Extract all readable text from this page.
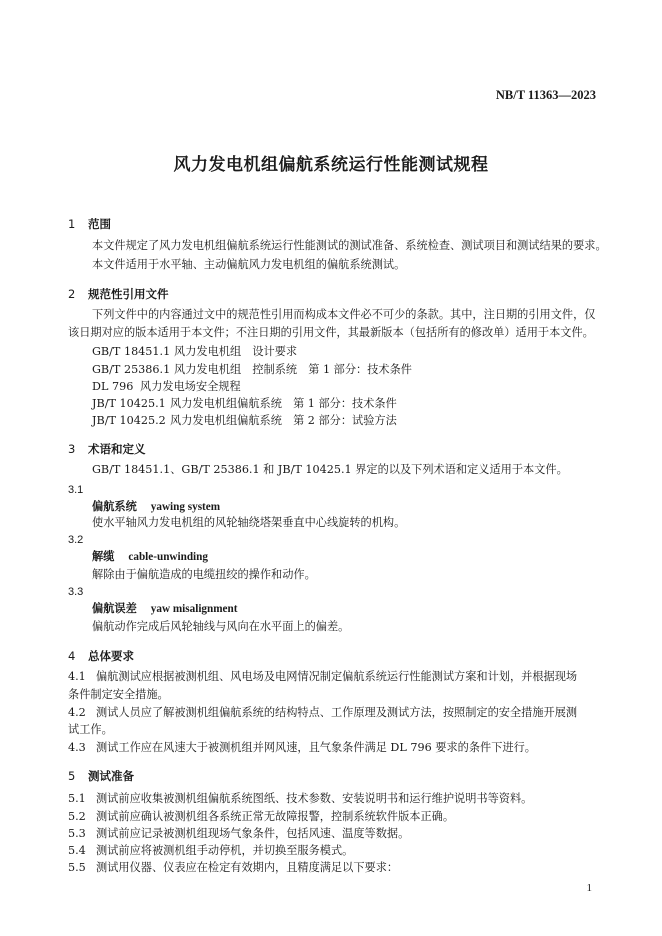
NB/T 11363—2023
风力发电机组偏航系统运行性能测试规程
1 范围
本文件规定了风力发电机组偏航系统运行性能测试的测试准备、系统检查、测试项目和测试结果的要求。
本文件适用于水平轴、主动偏航风力发电机组的偏航系统测试。
2 规范性引用文件
下列文件中的内容通过文中的规范性引用而构成本文件必不可少的条款。其中，注日期的引用文件，仅
该日期对应的版本适用于本文件；不注日期的引用文件，其最新版本（包括所有的修改单）适用于本文件。
GB/T 18451.1 风力发电机组　设计要求
GB/T 25386.1 风力发电机组　控制系统　第 1 部分：技术条件
DL 796 风力发电场安全规程
JB/T 10425.1 风力发电机组偏航系统　第 1 部分：技术条件
JB/T 10425.2 风力发电机组偏航系统　第 2 部分：试验方法
3 术语和定义
GB/T 18451.1、GB/T 25386.1 和 JB/T 10425.1 界定的以及下列术语和定义适用于本文件。
3.1
偏航系统 yawing system
使水平轴风力发电机组的风轮轴绕塔架垂直中心线旋转的机构。
3.2
解缆 cable-unwinding
解除由于偏航造成的电缆扭绞的操作和动作。
3.3
偏航误差 yaw misalignment
偏航动作完成后风轮轴线与风向在水平面上的偏差。
4 总体要求
4.1 偏航测试应根据被测机组、风电场及电网情况制定偏航系统运行性能测试方案和计划，并根据现场
条件制定安全措施。
4.2 测试人员应了解被测机组偏航系统的结构特点、工作原理及测试方法，按照制定的安全措施开展测
试工作。
4.3 测试工作应在风速大于被测机组并网风速，且气象条件满足 DL 796 要求的条件下进行。
5 测试准备
5.1 测试前应收集被测机组偏航系统图纸、技术参数、安装说明书和运行维护说明书等资料。
5.2 测试前应确认被测机组各系统正常无故障报警，控制系统软件版本正确。
5.3 测试前应记录被测机组现场气象条件，包括风速、温度等数据。
5.4 测试前应将被测机组手动停机，并切换至服务模式。
5.5 测试用仪器、仪表应在检定有效期内，且精度满足以下要求：
1
